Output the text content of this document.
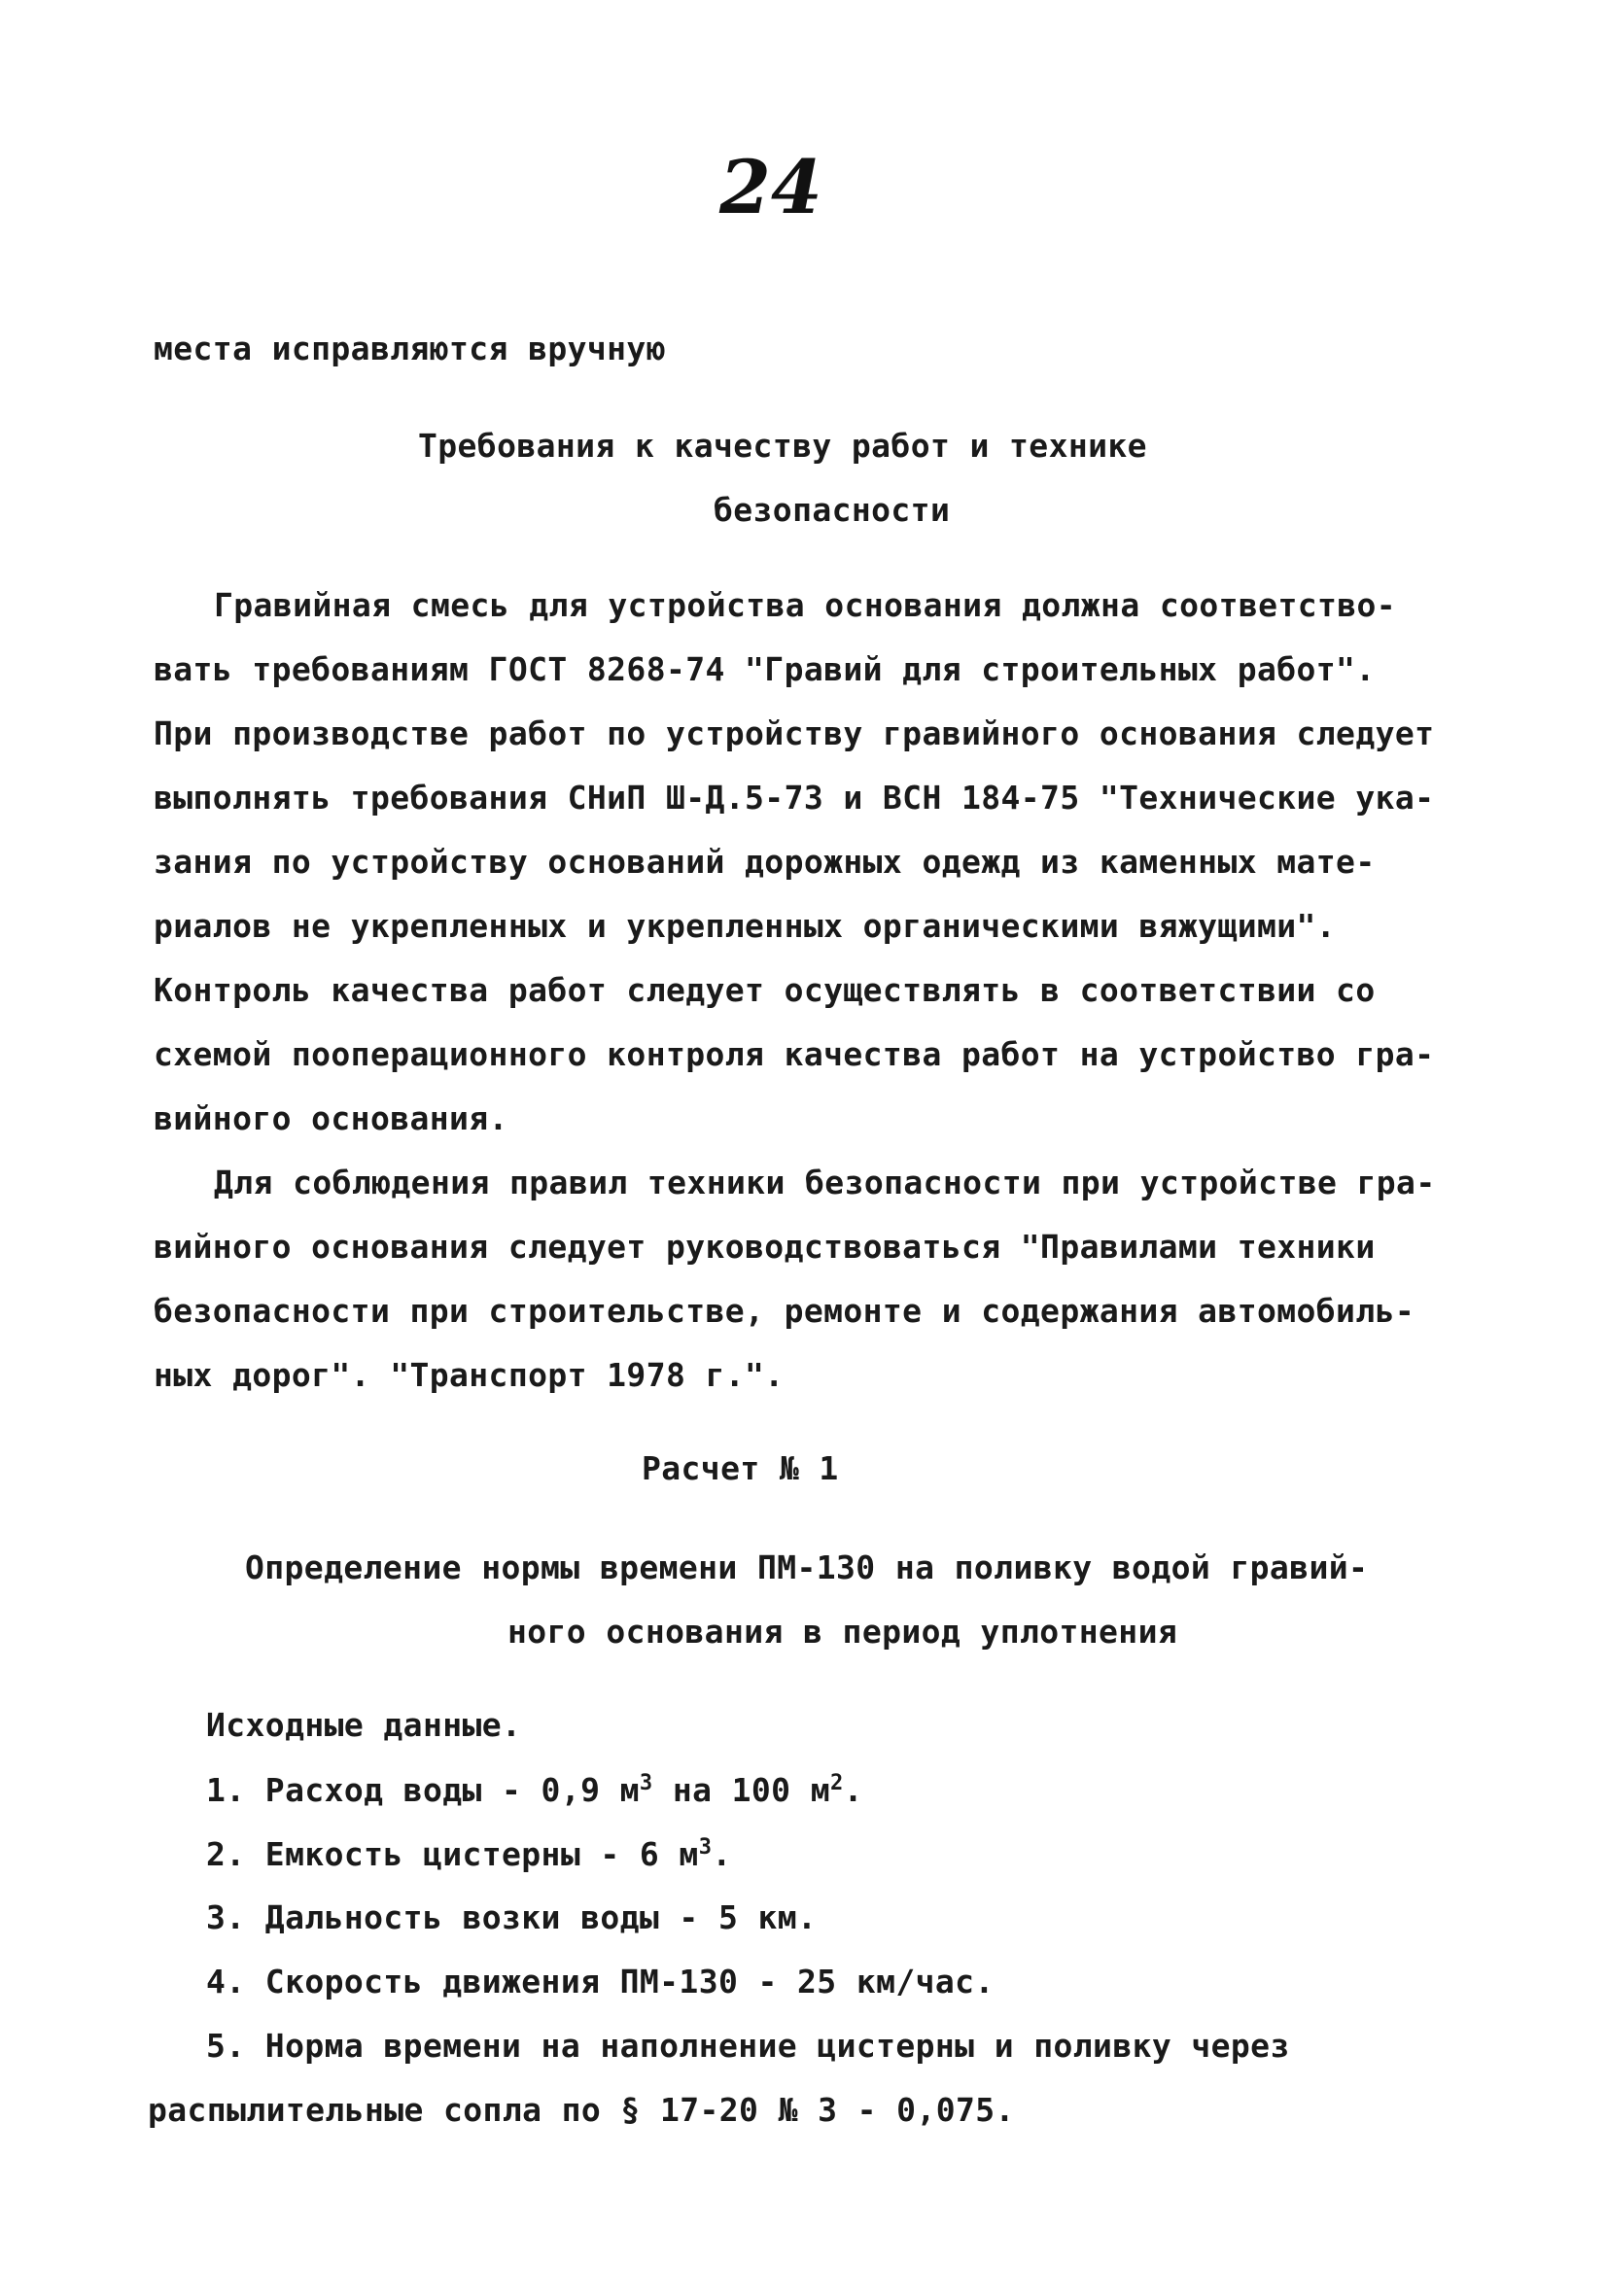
24
места исправляются вручную
Требования к качеству работ и технике
безопасности
Гравийная смесь для устройства основания должна соответство-
вать требованиям ГОСТ 8268-74 "Гравий для строительных работ".
При производстве работ по устройству гравийного основания следует
выполнять требования СНиП Ш-Д.5-73 и ВСН 184-75 "Технические ука-
зания по устройству оснований дорожных одежд из каменных мате-
риалов не укрепленных и укрепленных органическими вяжущими".
Контроль качества работ следует осуществлять в соответствии со
схемой пооперационного контроля качества работ на устройство гра-
вийного основания.
Для соблюдения правил техники безопасности при устройстве гра-
вийного основания следует руководствоваться "Правилами техники
безопасности при строительстве, ремонте и содержания автомобиль-
ных дорог". "Транспорт 1978 г.".
Расчет № 1
Определение нормы времени ПМ-130 на поливку водой гравий-
ного основания в период уплотнения
Исходные данные.
1. Расход воды - 0,9 $м^3$ на 100 $м^2$.
2. Емкость цистерны - 6 $м^3$.
3. Дальность возки воды - 5 км.
4. Скорость движения ПМ-130 - 25 км/час.
5. Норма времени на наполнение цистерны и поливку через
распылительные сопла по § 17-20 № 3 - 0,075.
